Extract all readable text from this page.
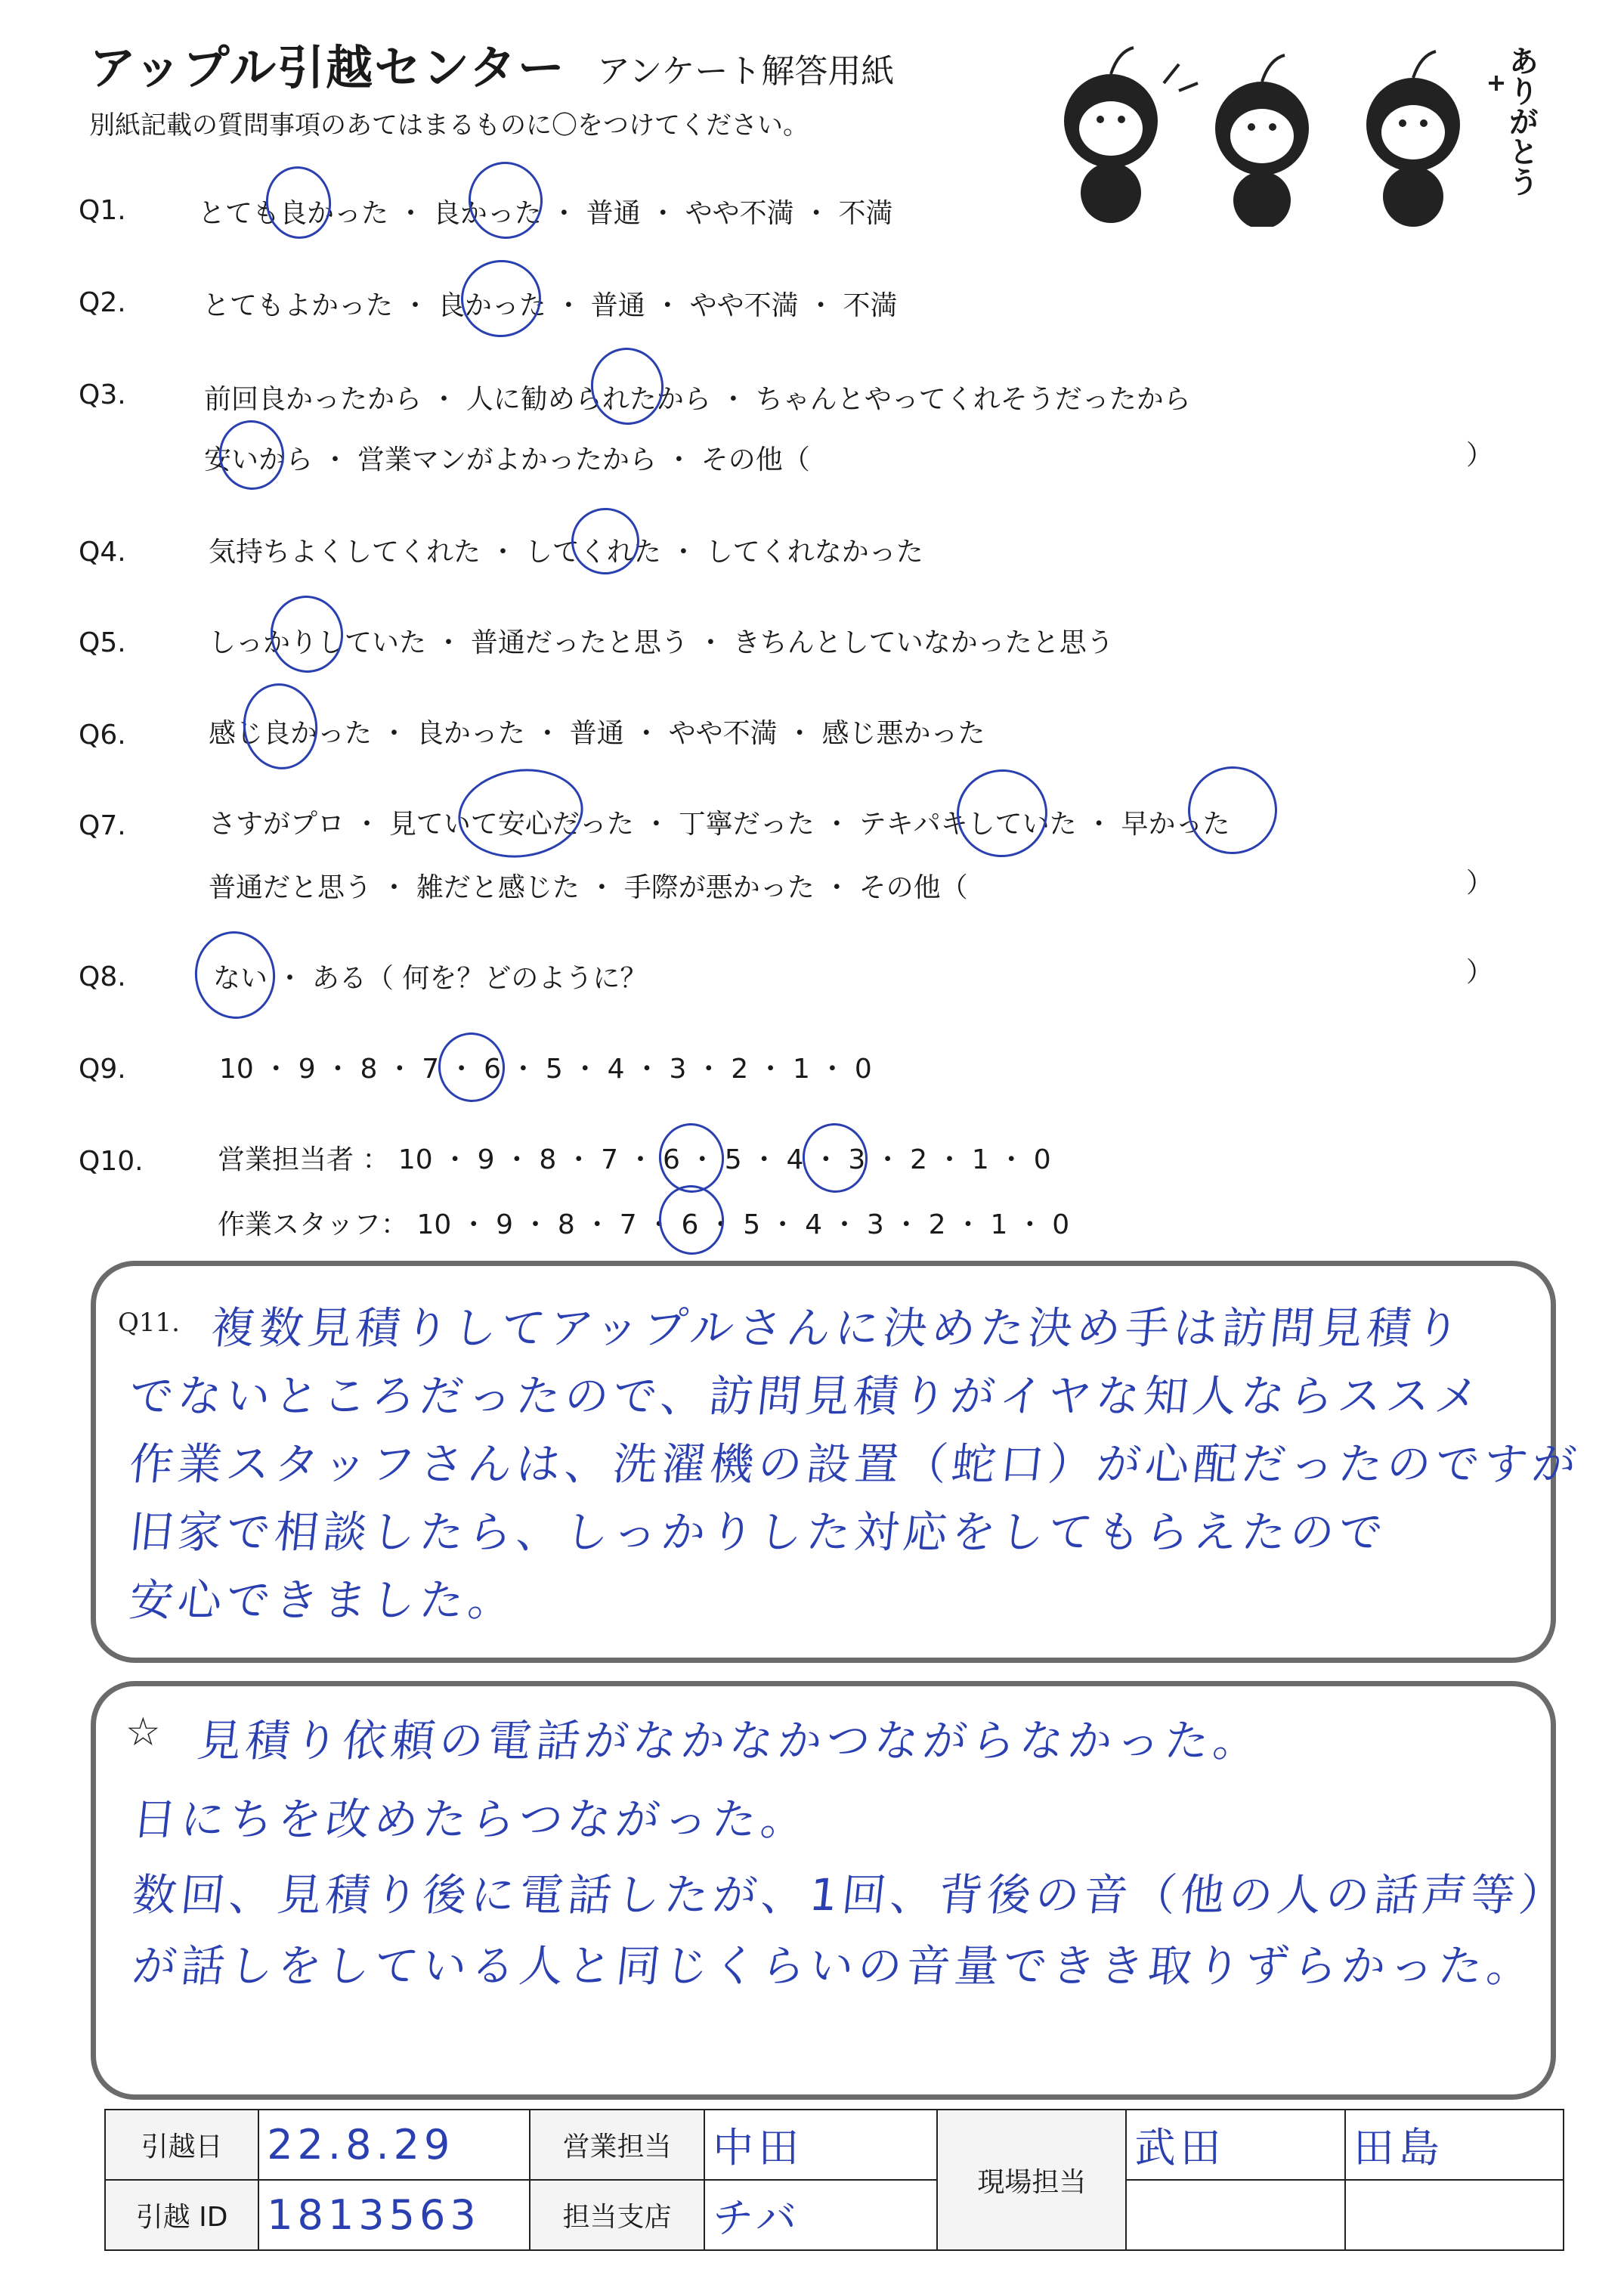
アップル引越センター アンケート解答用紙
別紙記載の質問事項のあてはまるものに〇をつけてください。	ありがとう
Q1.	とても良かった ・ 良かった ・ 普通 ・ やや不満 ・ 不満
Q2.	とてもよかった ・ 良かった ・ 普通 ・ やや不満 ・ 不満
Q3.	前回良かったから ・ 人に勧められたから ・ ちゃんとやってくれそうだったから
安いから ・ 営業マンがよかったから ・ その他（	）
Q4.	気持ちよくしてくれた ・ してくれた ・ してくれなかった
Q5.	しっかりしていた ・ 普通だったと思う ・ きちんとしていなかったと思う
Q6.	感じ良かった ・ 良かった ・ 普通 ・ やや不満 ・ 感じ悪かった
Q7.	さすがプロ ・ 見ていて安心だった ・ 丁寧だった ・ テキパキしていた ・ 早かった
普通だと思う ・ 雑だと感じた ・ 手際が悪かった ・ その他（	）
Q8.	ない ・ ある（ 何を？どのように？	）
Q9.	10 ・ 9 ・ 8 ・ 7 ・ 6 ・ 5 ・ 4 ・ 3 ・ 2 ・ 1 ・ 0
Q10.	営業担当者 ： 10 ・ 9 ・ 8 ・ 7 ・ 6 ・ 5 ・ 4 ・ 3 ・ 2 ・ 1 ・ 0
作業スタッフ： 10 ・ 9 ・ 8 ・ 7 ・ 6 ・ 5 ・ 4 ・ 3 ・ 2 ・ 1 ・ 0
Q11. 複数見積りしてアップルさんに決めた決め手は訪問見積り
でないところだったので、訪問見積りがイヤな知人ならススメ
作業スタッフさんは、洗濯機の設置（蛇口）が心配だったのですが
旧家で相談したら、しっかりした対応をしてもらえたので
安心できました。
☆ 見積り依頼の電話がなかなかつながらなかった。
日にちを改めたらつながった。
数回、見積り後に電話したが、1回、背後の音（他の人の話声等）
が話しをしている人と同じくらいの音量できき取りずらかった。
引越日	22.8.29	営業担当	中田	現場担当	武田	田島
引越 ID	1813563	担当支店	チバ			
